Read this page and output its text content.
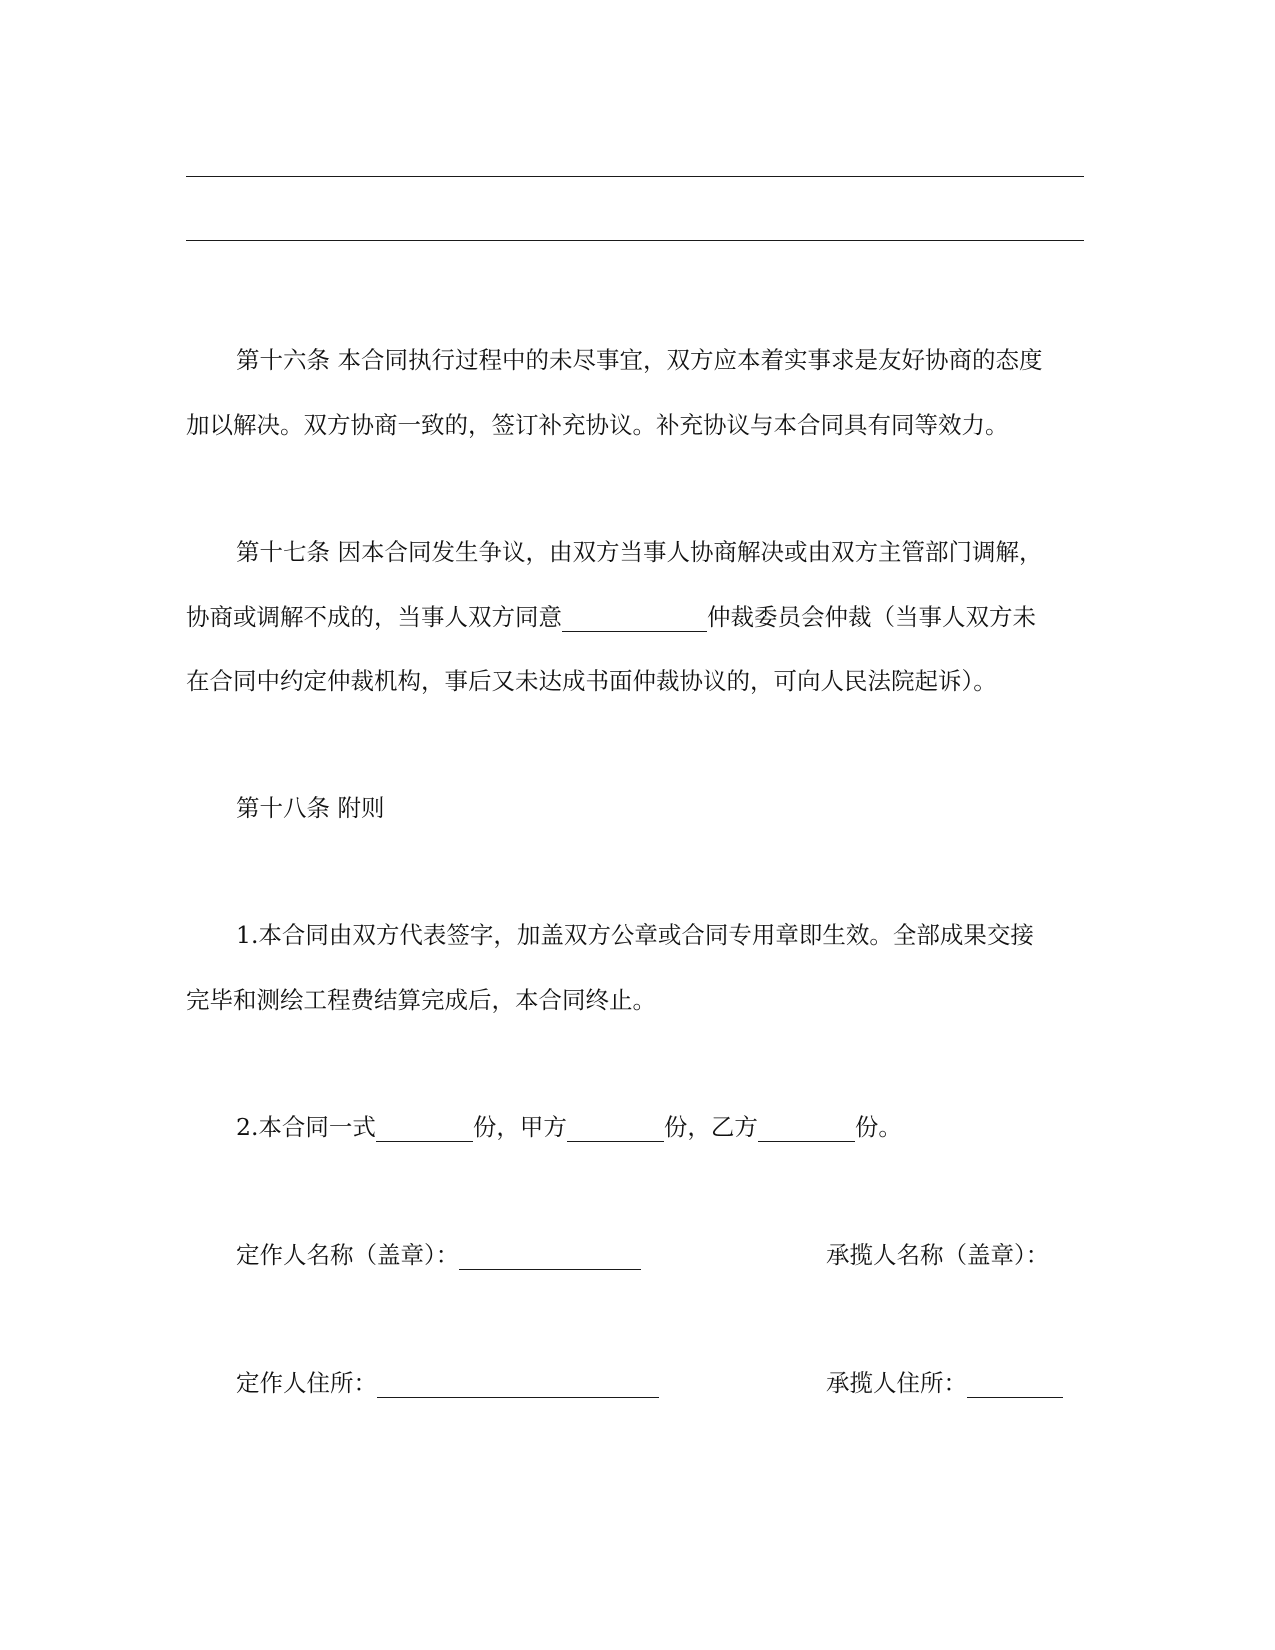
第十六条 本合同执行过程中的未尽事宜，双方应本着实事求是友好协商的态度
加以解决。双方协商一致的，签订补充协议。补充协议与本合同具有同等效力。
第十七条 因本合同发生争议，由双方当事人协商解决或由双方主管部门调解，
协商或调解不成的，当事人双方同意	仲裁委员会仲裁（当事人双方未
在合同中约定仲裁机构，事后又未达成书面仲裁协议的，可向人民法院起诉）。
第十八条 附则
1.本合同由双方代表签字，加盖双方公章或合同专用章即生效。全部成果交接
完毕和测绘工程费结算完成后，本合同终止。
2.本合同一式	份，甲方	份，乙方	份。
定作人名称（盖章）：	承揽人名称（盖章）：
定作人住所：	承揽人住所：
